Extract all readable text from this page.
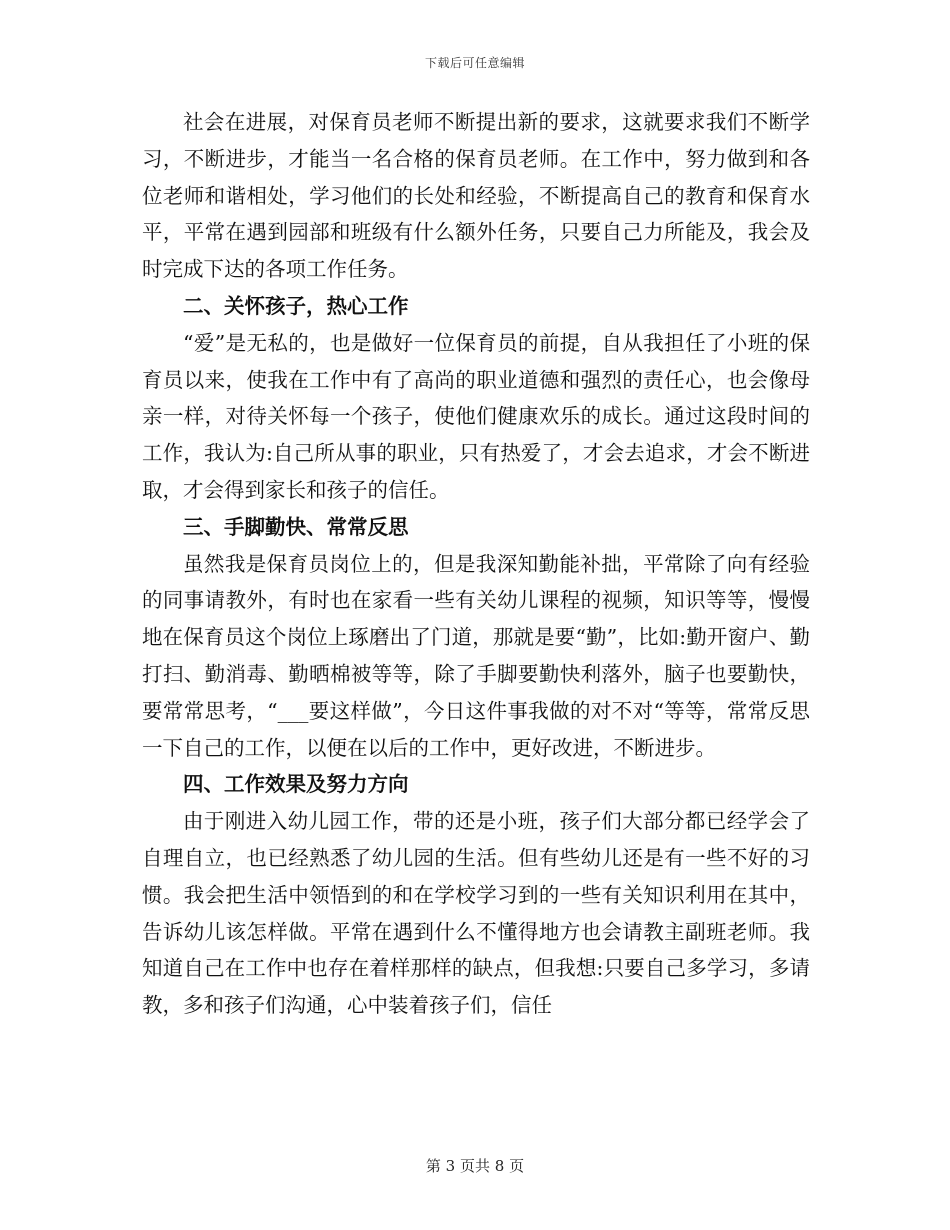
下载后可任意编辑

社会在进展，对保育员老师不断提出新的要求，这就要求我们不断学习，不断进步，才能当一名合格的保育员老师。在工作中，努力做到和各位老师和谐相处，学习他们的长处和经验，不断提高自己的教育和保育水平，平常在遇到园部和班级有什么额外任务，只要自己力所能及，我会及时完成下达的各项工作任务。

二、关怀孩子，热心工作

“爱”是无私的，也是做好一位保育员的前提，自从我担任了小班的保育员以来，使我在工作中有了高尚的职业道德和强烈的责任心，也会像母亲一样，对待关怀每一个孩子，使他们健康欢乐的成长。通过这段时间的工作，我认为:自己所从事的职业，只有热爱了，才会去追求，才会不断进取，才会得到家长和孩子的信任。

三、手脚勤快、常常反思

虽然我是保育员岗位上的，但是我深知勤能补拙，平常除了向有经验的同事请教外，有时也在家看一些有关幼儿课程的视频，知识等等，慢慢地在保育员这个岗位上琢磨出了门道，那就是要“勤”，比如:勤开窗户、勤打扫、勤消毒、勤晒棉被等等，除了手脚要勤快利落外，脑子也要勤快，要常常思考，“___要这样做”，今日这件事我做的对不对“等等，常常反思一下自己的工作，以便在以后的工作中，更好改进，不断进步。

四、工作效果及努力方向

由于刚进入幼儿园工作，带的还是小班，孩子们大部分都已经学会了自理自立，也已经熟悉了幼儿园的生活。但有些幼儿还是有一些不好的习惯。我会把生活中领悟到的和在学校学习到的一些有关知识利用在其中，告诉幼儿该怎样做。平常在遇到什么不懂得地方也会请教主副班老师。我知道自己在工作中也存在着样那样的缺点，但我想:只要自己多学习，多请教，多和孩子们沟通，心中装着孩子们，信任

第 3 页共 8 页
